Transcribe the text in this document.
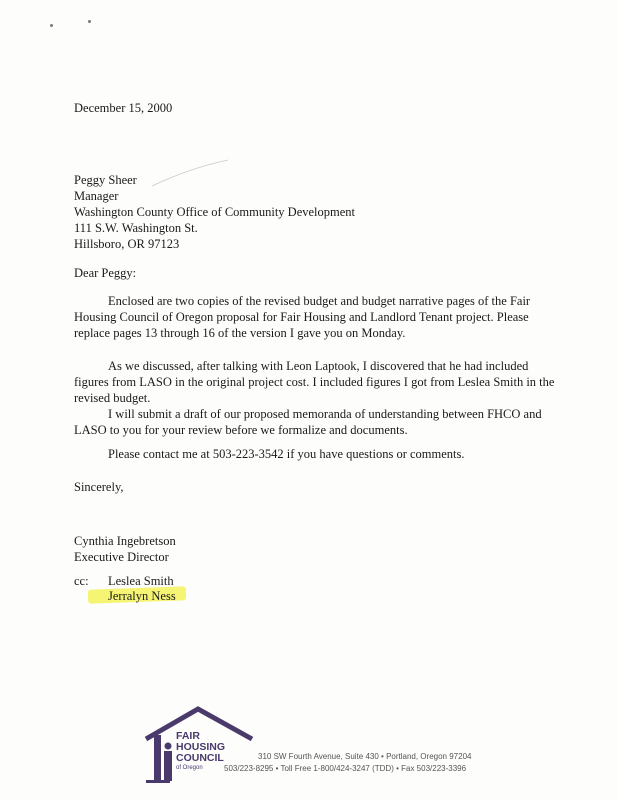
December 15, 2000
Peggy Sheer
Manager
Washington County Office of Community Development
111 S.W. Washington St.
Hillsboro, OR 97123
Dear Peggy:
Enclosed are two copies of the revised budget and budget narrative pages of the Fair Housing Council of Oregon proposal for Fair Housing and Landlord Tenant project. Please replace pages 13 through 16 of the version I gave you on Monday.
As we discussed, after talking with Leon Laptook, I discovered that he had included figures from LASO in the original project cost. I included figures I got from Leslea Smith in the revised budget.
I will submit a draft of our proposed memoranda of understanding between FHCO and LASO to you for your review before we formalize and documents.
Please contact me at 503-223-3542 if you have questions or comments.
Sincerely,
Cynthia Ingebretson
Executive Director
cc: Leslea Smith
Jerralyn Ness
FAIR
HOUSING
COUNCIL
of Oregon
310 SW Fourth Avenue, Suite 430 • Portland, Oregon 97204
503/223-8295 • Toll Free 1-800/424-3247 (TDD) • Fax 503/223-3396
